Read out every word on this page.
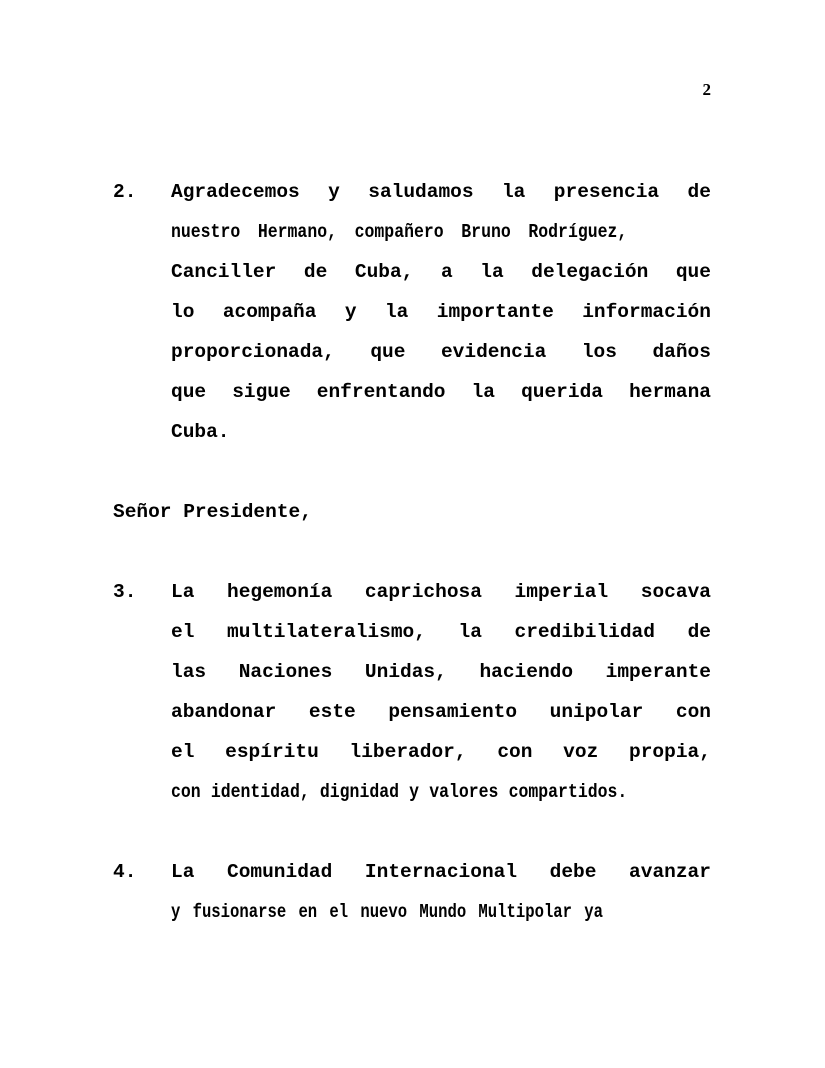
2
2.	Agradecemos y saludamos la presencia de
nuestro Hermano, compañero Bruno Rodríguez,
Canciller de Cuba, a la delegación que
lo acompaña y la importante información
proporcionada, que evidencia los daños
que sigue enfrentando la querida hermana
Cuba.
Señor Presidente,
3.	La hegemonía caprichosa imperial socava
el multilateralismo, la credibilidad de
las Naciones Unidas, haciendo imperante
abandonar este pensamiento unipolar con
el espíritu liberador, con voz propia,
con identidad, dignidad y valores compartidos.
4.	La Comunidad Internacional debe avanzar
y fusionarse en el nuevo Mundo Multipolar ya
